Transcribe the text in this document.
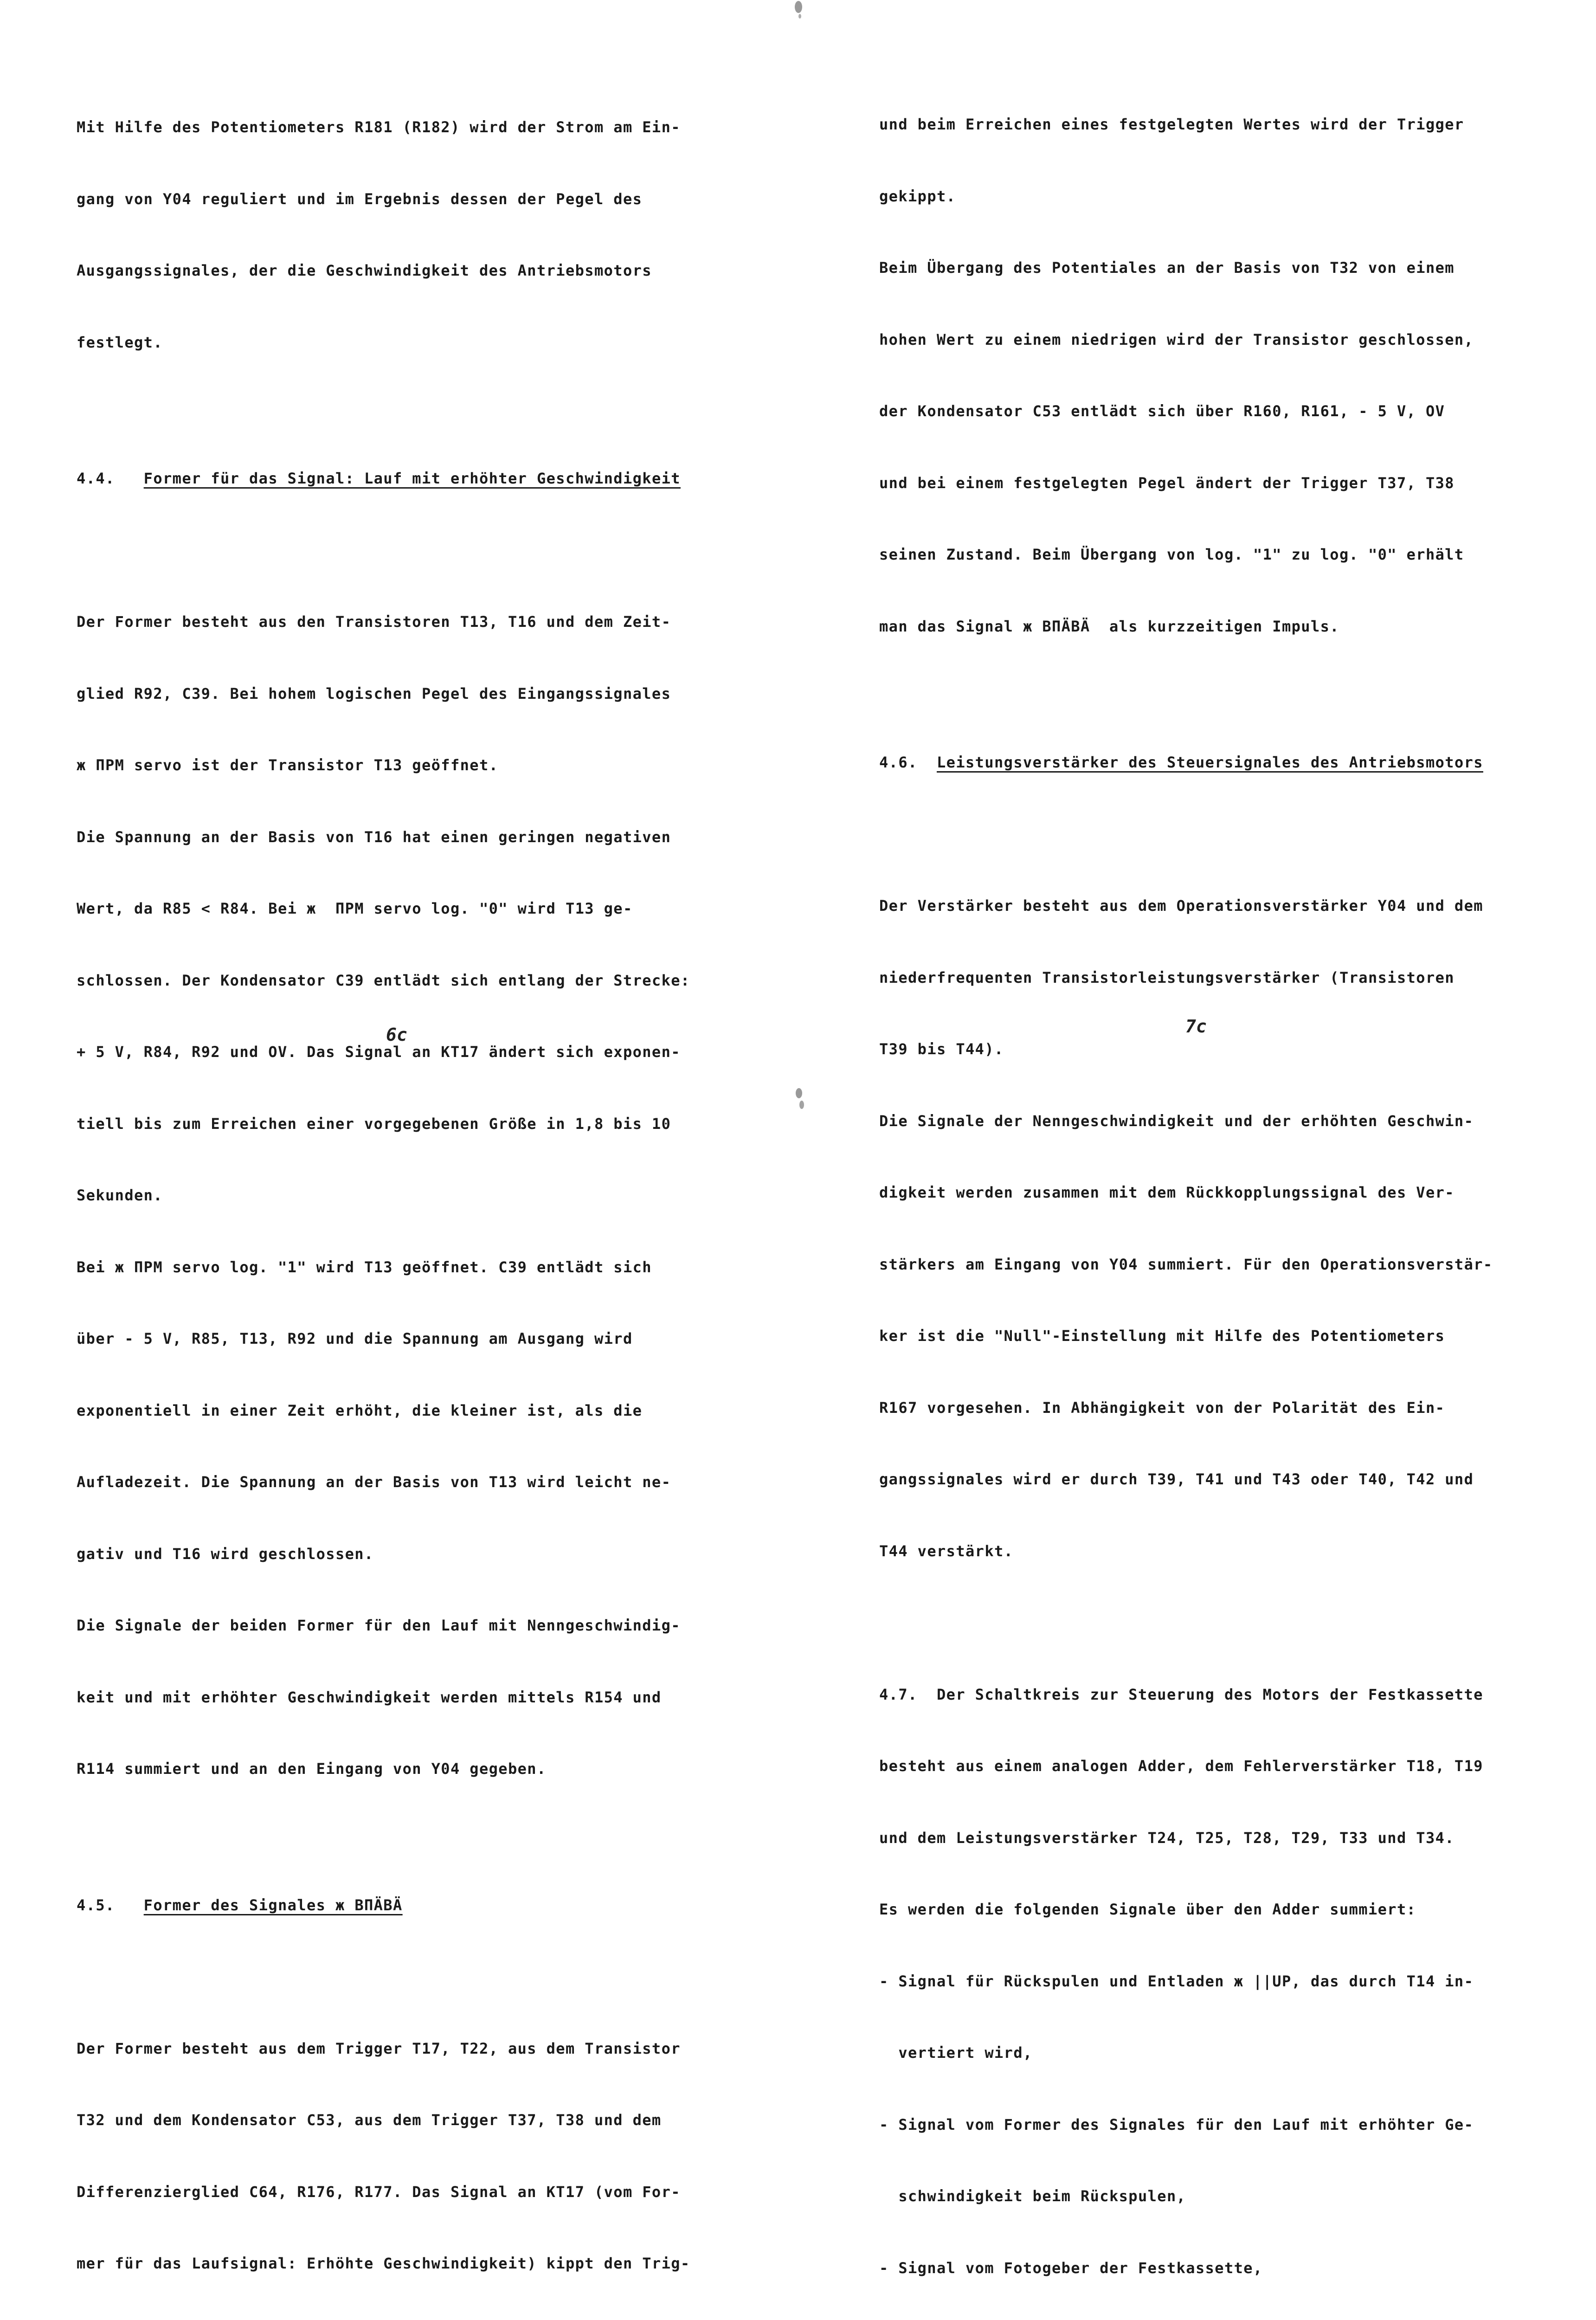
Mit Hilfe des Potentiometers R181 (R182) wird der Strom am Ein-

gang von Y04 reguliert und im Ergebnis dessen der Pegel des

Ausgangssignales, der die Geschwindigkeit des Antriebsmotors

festlegt.

4.4. Former für das Signal: Lauf mit erhöhter Geschwindigkeit

Der Former besteht aus den Transistoren T13, T16 und dem Zeit-

glied R92, C39. Bei hohem logischen Pegel des Eingangssignales

ж ΠPM servo ist der Transistor T13 geöffnet.

Die Spannung an der Basis von T16 hat einen geringen negativen

Wert, da R85 < R84. Bei ж  ΠPM servo log. "0" wird T13 ge-

schlossen. Der Kondensator C39 entlädt sich entlang der Strecke:

+ 5 V, R84, R92 und OV. Das Signal an KT17 ändert sich exponen-

tiell bis zum Erreichen einer vorgegebenen Größe in 1,8 bis 10

Sekunden.

Bei ж ΠPM servo log. "1" wird T13 geöffnet. C39 entlädt sich

über - 5 V, R85, T13, R92 und die Spannung am Ausgang wird

exponentiell in einer Zeit erhöht, die kleiner ist, als die

Aufladezeit. Die Spannung an der Basis von T13 wird leicht ne-

gativ und T16 wird geschlossen.

Die Signale der beiden Former für den Lauf mit Nenngeschwindig-

keit und mit erhöhter Geschwindigkeit werden mittels R154 und

R114 summiert und an den Eingang von Y04 gegeben.

4.5. Former des Signales ж BΠÄBÄ

Der Former besteht aus dem Trigger T17, T22, aus dem Transistor

T32 und dem Kondensator C53, aus dem Trigger T37, T38 und dem

Differenzierglied C64, R176, R177. Das Signal an KT17 (vom For-

mer für das Laufsignal: Erhöhte Geschwindigkeit) kippt den Trig-

6c

und beim Erreichen eines festgelegten Wertes wird der Trigger

gekippt.

Beim Übergang des Potentiales an der Basis von T32 von einem

hohen Wert zu einem niedrigen wird der Transistor geschlossen,

der Kondensator C53 entlädt sich über R160, R161, - 5 V, OV

und bei einem festgelegten Pegel ändert der Trigger T37, T38

seinen Zustand. Beim Übergang von log. "1" zu log. "0" erhält

man das Signal ж BΠÄBÄ  als kurzzeitigen Impuls.

4.6. Leistungsverstärker des Steuersignales des Antriebsmotors

Der Verstärker besteht aus dem Operationsverstärker Y04 und dem

niederfrequenten Transistorleistungsverstärker (Transistoren

T39 bis T44).

Die Signale der Nenngeschwindigkeit und der erhöhten Geschwin-

digkeit werden zusammen mit dem Rückkopplungssignal des Ver-

stärkers am Eingang von Y04 summiert. Für den Operationsverstär-

ker ist die "Null"-Einstellung mit Hilfe des Potentiometers

R167 vorgesehen. In Abhängigkeit von der Polarität des Ein-

gangssignales wird er durch T39, T41 und T43 oder T40, T42 und

T44 verstärkt.

4.7.  Der Schaltkreis zur Steuerung des Motors der Festkassette

besteht aus einem analogen Adder, dem Fehlerverstärker T18, T19

und dem Leistungsverstärker T24, T25, T28, T29, T33 und T34.

Es werden die folgenden Signale über den Adder summiert:

- Signal für Rückspulen und Entladen ж ||UP, das durch T14 in-

vertiert wird,

- Signal vom Former des Signales für den Lauf mit erhöhter Ge-

schwindigkeit beim Rückspulen,

- Signal vom Fotogeber der Festkassette,

7c
